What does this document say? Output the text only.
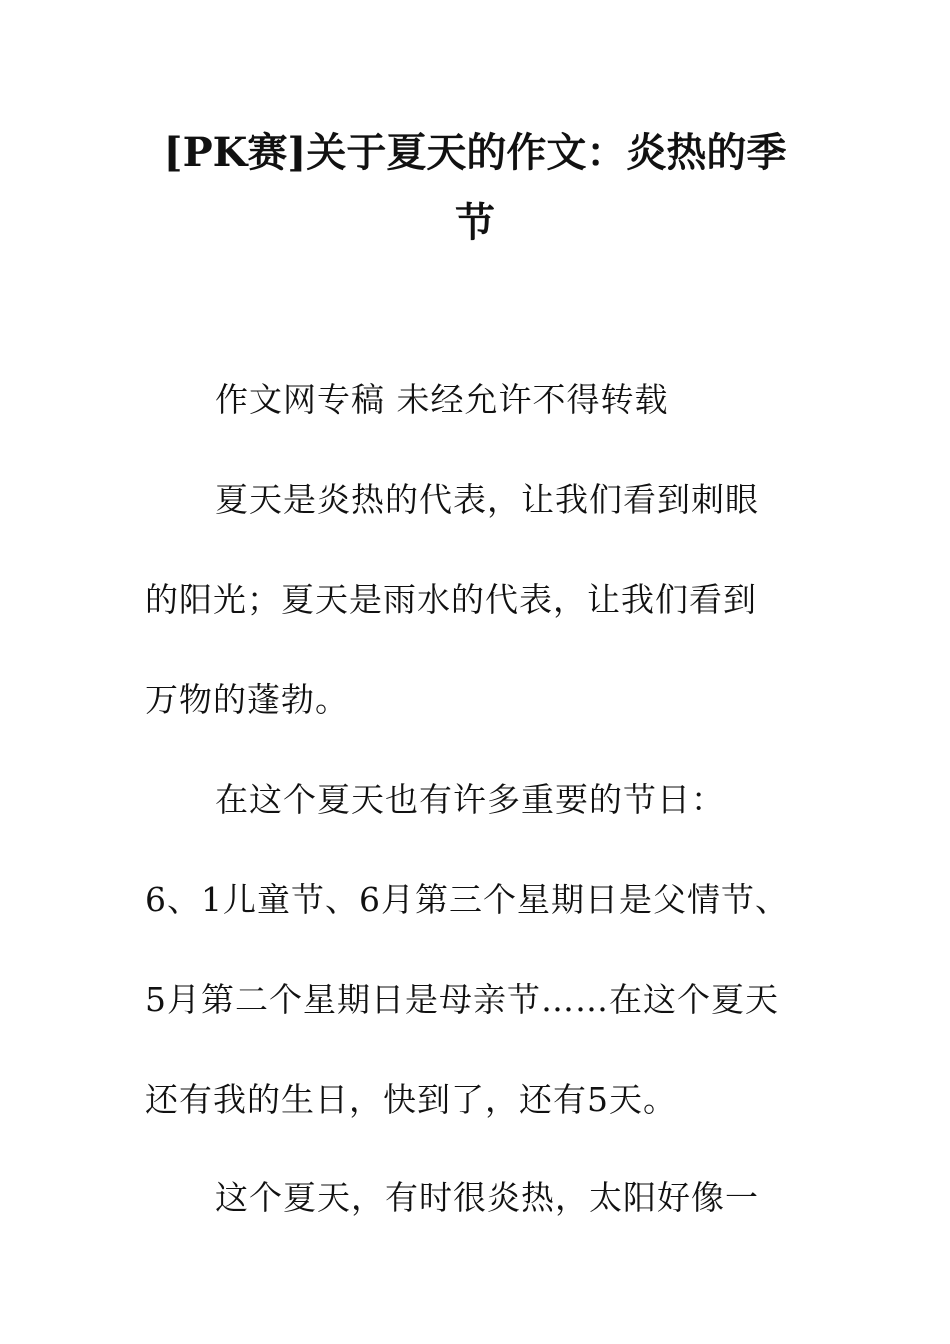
[PK赛]关于夏天的作文：炎热的季
节
作文网专稿 未经允许不得转载
夏天是炎热的代表，让我们看到刺眼
的阳光；夏天是雨水的代表，让我们看到
万物的蓬勃。
在这个夏天也有许多重要的节日：
6、1儿童节、6月第三个星期日是父情节、
5月第二个星期日是母亲节……在这个夏天
还有我的生日，快到了，还有5天。
这个夏天，有时很炎热，太阳好像一
